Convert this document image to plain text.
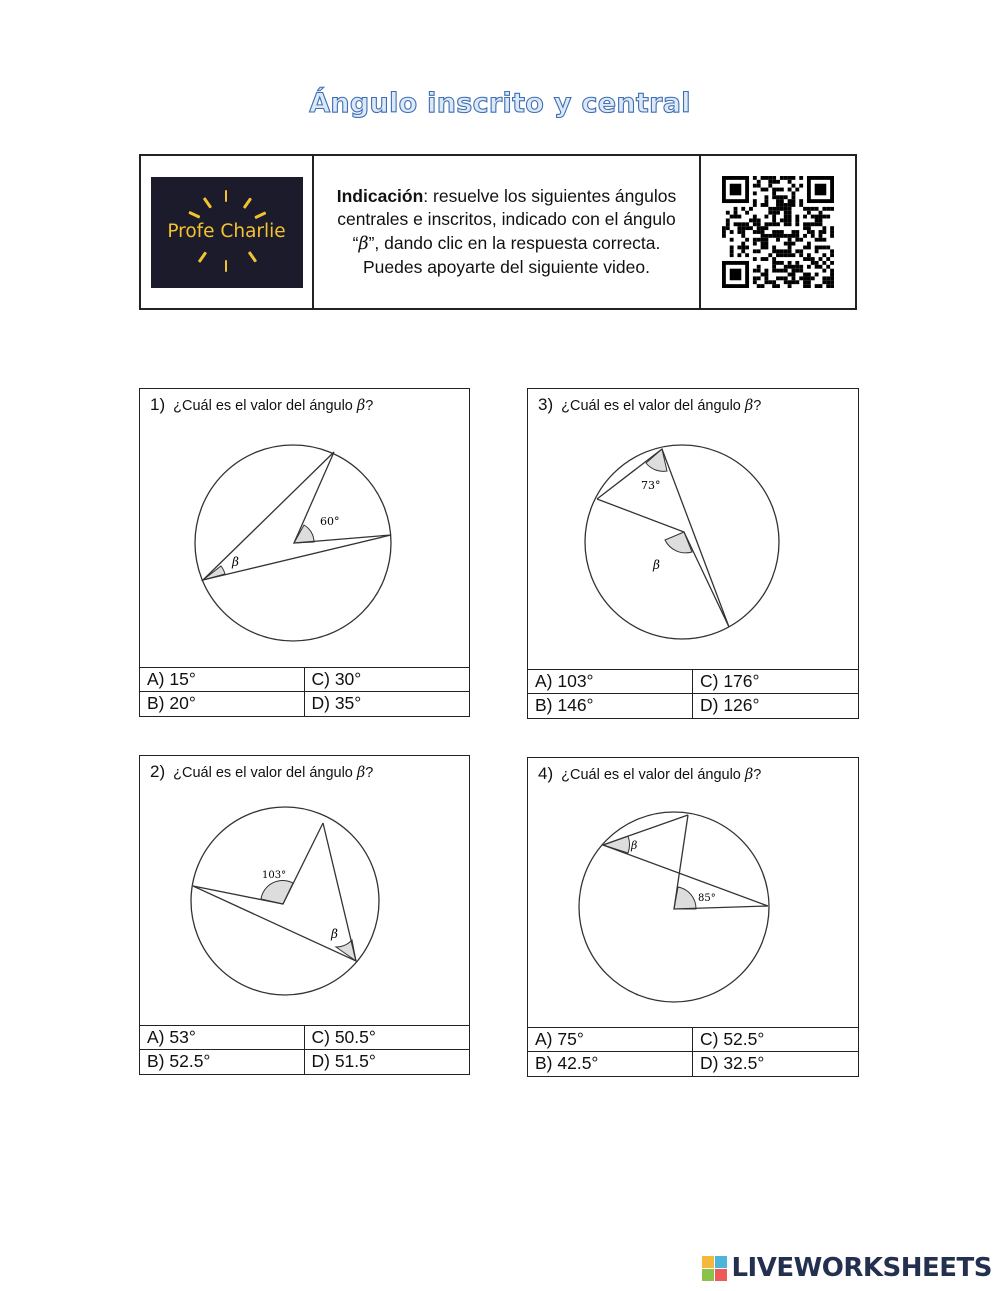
Ángulo inscrito y central
Profe Charlie
Indicación: resuelve los siguientes ángulos centrales e inscritos, indicado con el ángulo “β”, dando clic en la respuesta correcta. Puedes apoyarte del siguiente video.
1) ¿Cuál es el valor del ángulo β?
60°
β
A) 15°	C) 30°
B) 20°	D) 35°
2) ¿Cuál es el valor del ángulo β?
103°
β
A) 53°	C) 50.5°
B) 52.5°	D) 51.5°
3) ¿Cuál es el valor del ángulo β?
73°
β
A) 103°	C) 176°
B) 146°	D) 126°
4) ¿Cuál es el valor del ángulo β?
85°
β
A) 75°	C) 52.5°
B) 42.5°	D) 32.5°
LIVEWORKSHEETS
